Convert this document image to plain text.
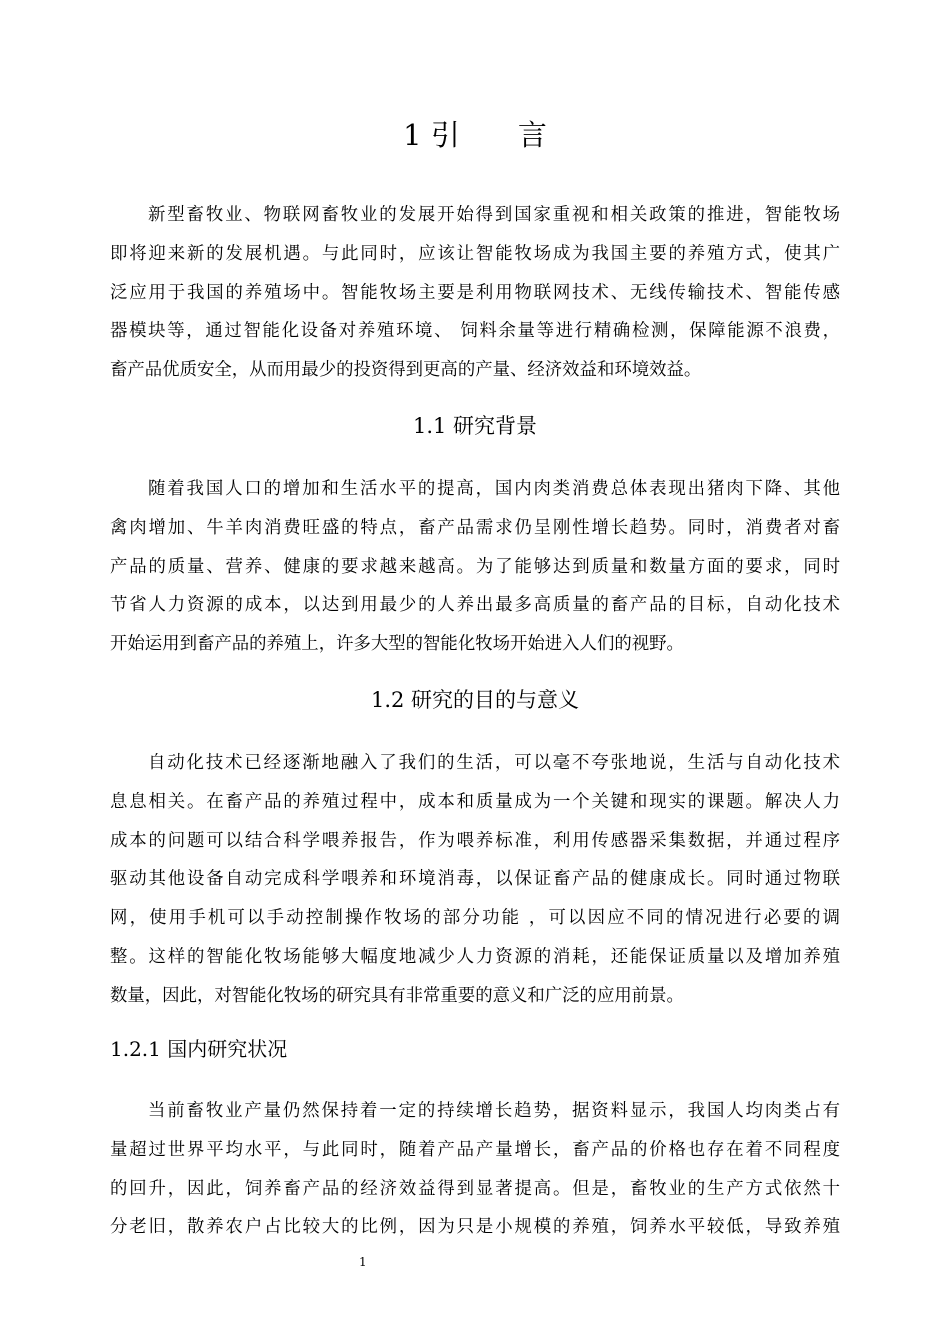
1 引　　言
新型畜牧业、物联网畜牧业的发展开始得到国家重视和相关政策的推进，智能牧场
即将迎来新的发展机遇。与此同时，应该让智能牧场成为我国主要的养殖方式，使其广
泛应用于我国的养殖场中。智能牧场主要是利用物联网技术、无线传输技术、智能传感
器模块等，通过智能化设备对养殖环境、 饲料余量等进行精确检测，保障能源不浪费，
畜产品优质安全，从而用最少的投资得到更高的产量、经济效益和环境效益。
1.1 研究背景
随着我国人口的增加和生活水平的提高，国内肉类消费总体表现出猪肉下降、其他
禽肉增加、牛羊肉消费旺盛的特点，畜产品需求仍呈刚性增长趋势。同时，消费者对畜
产品的质量、营养、健康的要求越来越高。为了能够达到质量和数量方面的要求，同时
节省人力资源的成本，以达到用最少的人养出最多高质量的畜产品的目标，自动化技术
开始运用到畜产品的养殖上，许多大型的智能化牧场开始进入人们的视野。
1.2 研究的目的与意义
自动化技术已经逐渐地融入了我们的生活，可以毫不夸张地说，生活与自动化技术
息息相关。在畜产品的养殖过程中，成本和质量成为一个关键和现实的课题。解决人力
成本的问题可以结合科学喂养报告，作为喂养标准，利用传感器采集数据，并通过程序
驱动其他设备自动完成科学喂养和环境消毒，以保证畜产品的健康成长。同时通过物联
网，使用手机可以手动控制操作牧场的部分功能 ，可以因应不同的情况进行必要的调
整。这样的智能化牧场能够大幅度地减少人力资源的消耗，还能保证质量以及增加养殖
数量，因此，对智能化牧场的研究具有非常重要的意义和广泛的应用前景。
1.2.1 国内研究状况
当前畜牧业产量仍然保持着一定的持续增长趋势，据资料显示，我国人均肉类占有
量超过世界平均水平，与此同时，随着产品产量增长，畜产品的价格也存在着不同程度
的回升，因此，饲养畜产品的经济效益得到显著提高。但是，畜牧业的生产方式依然十
分老旧，散养农户占比较大的比例，因为只是小规模的养殖，饲养水平较低，导致养殖
1
